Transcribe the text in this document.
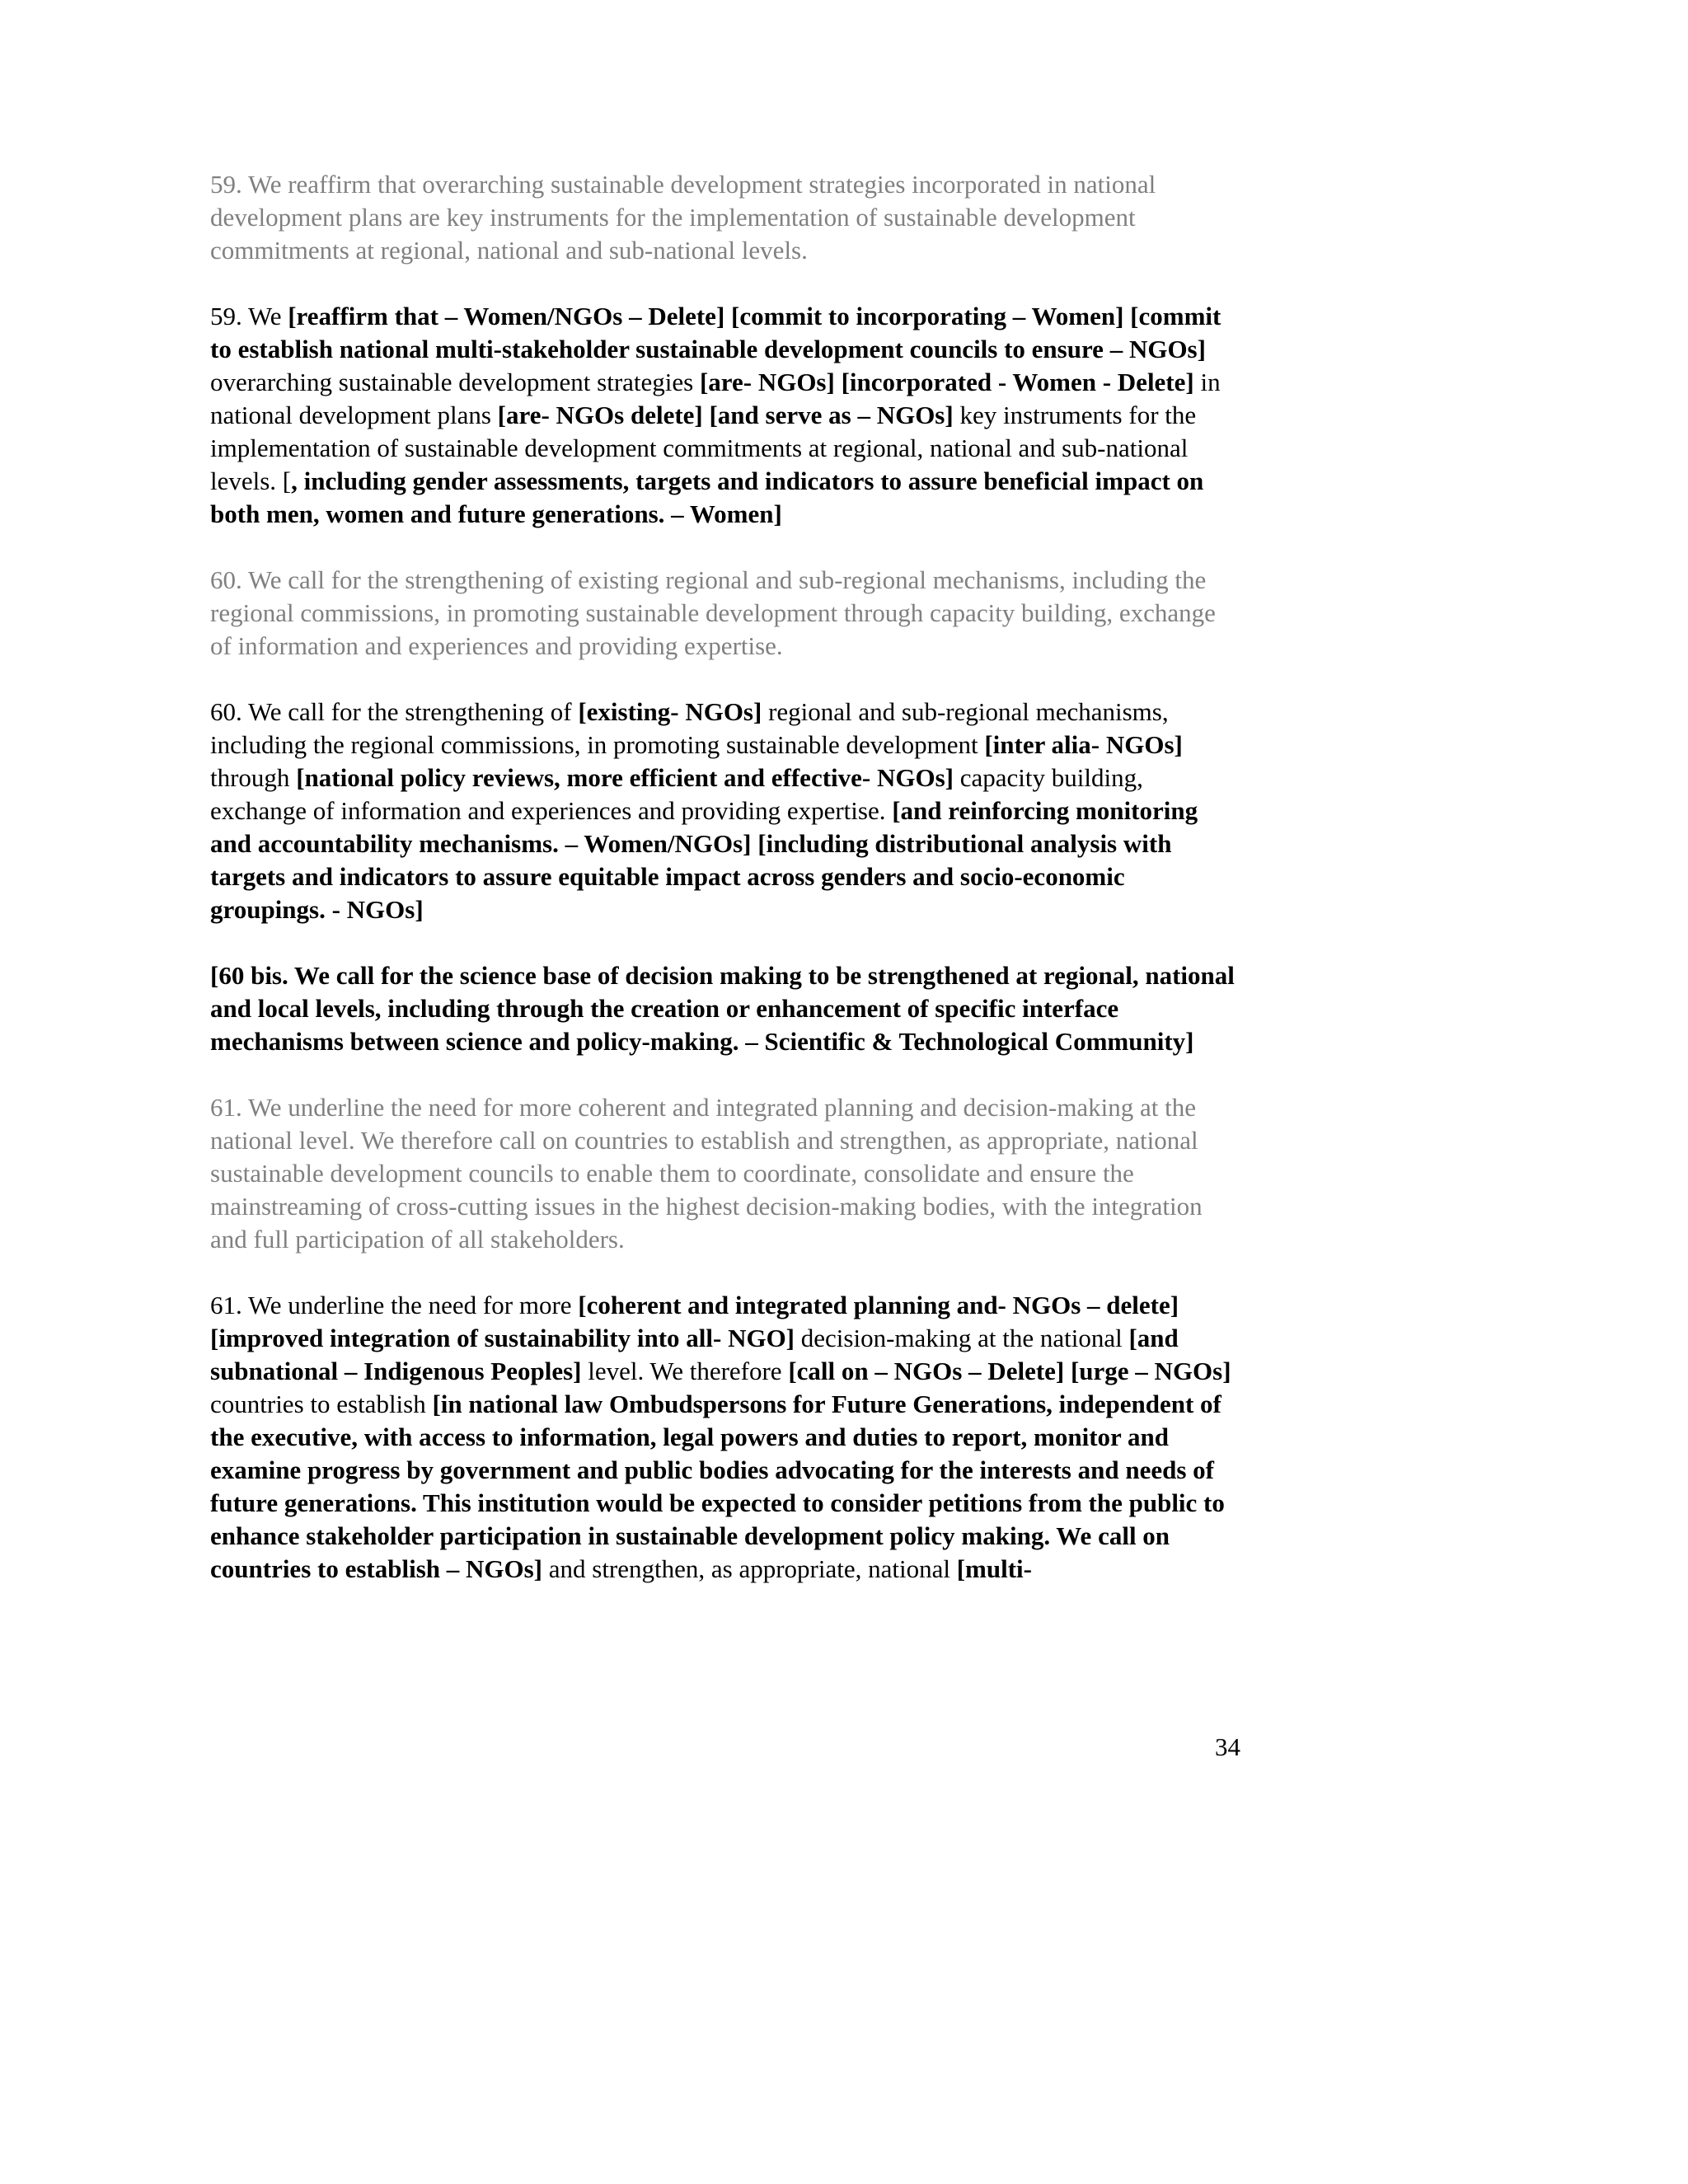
59. We reaffirm that overarching sustainable development strategies incorporated in national development plans are key instruments for the implementation of sustainable development commitments at regional, national and sub-national levels.

59. We [reaffirm that – Women/NGOs – Delete] [commit to incorporating – Women] [commit to establish national multi-stakeholder sustainable development councils to ensure – NGOs] overarching sustainable development strategies [are- NGOs] [incorporated - Women - Delete] in national development plans [are- NGOs delete] [and serve as – NGOs] key instruments for the implementation of sustainable development commitments at regional, national and sub-national levels. [, including gender assessments, targets and indicators to assure beneficial impact on both men, women and future generations. – Women]

60. We call for the strengthening of existing regional and sub-regional mechanisms, including the regional commissions, in promoting sustainable development through capacity building, exchange of information and experiences and providing expertise.

60. We call for the strengthening of [existing- NGOs] regional and sub-regional mechanisms, including the regional commissions, in promoting sustainable development [inter alia- NGOs] through [national policy reviews, more efficient and effective- NGOs] capacity building, exchange of information and experiences and providing expertise. [and reinforcing monitoring and accountability mechanisms. – Women/NGOs] [including distributional analysis with targets and indicators to assure equitable impact across genders and socio-economic groupings. - NGOs]

[60 bis. We call for the science base of decision making to be strengthened at regional, national and local levels, including through the creation or enhancement of specific interface mechanisms between science and policy-making. – Scientific & Technological Community]

61. We underline the need for more coherent and integrated planning and decision-making at the national level. We therefore call on countries to establish and strengthen, as appropriate, national sustainable development councils to enable them to coordinate, consolidate and ensure the mainstreaming of cross-cutting issues in the highest decision-making bodies, with the integration and full participation of all stakeholders.

61. We underline the need for more [coherent and integrated planning and- NGOs – delete] [improved integration of sustainability into all- NGO] decision-making at the national [and subnational – Indigenous Peoples] level. We therefore [call on – NGOs – Delete] [urge – NGOs] countries to establish [in national law Ombudspersons for Future Generations, independent of the executive, with access to information, legal powers and duties to report, monitor and examine progress by government and public bodies advocating for the interests and needs of future generations. This institution would be expected to consider petitions from the public to enhance stakeholder participation in sustainable development policy making. We call on countries to establish – NGOs] and strengthen, as appropriate, national [multi-

34
